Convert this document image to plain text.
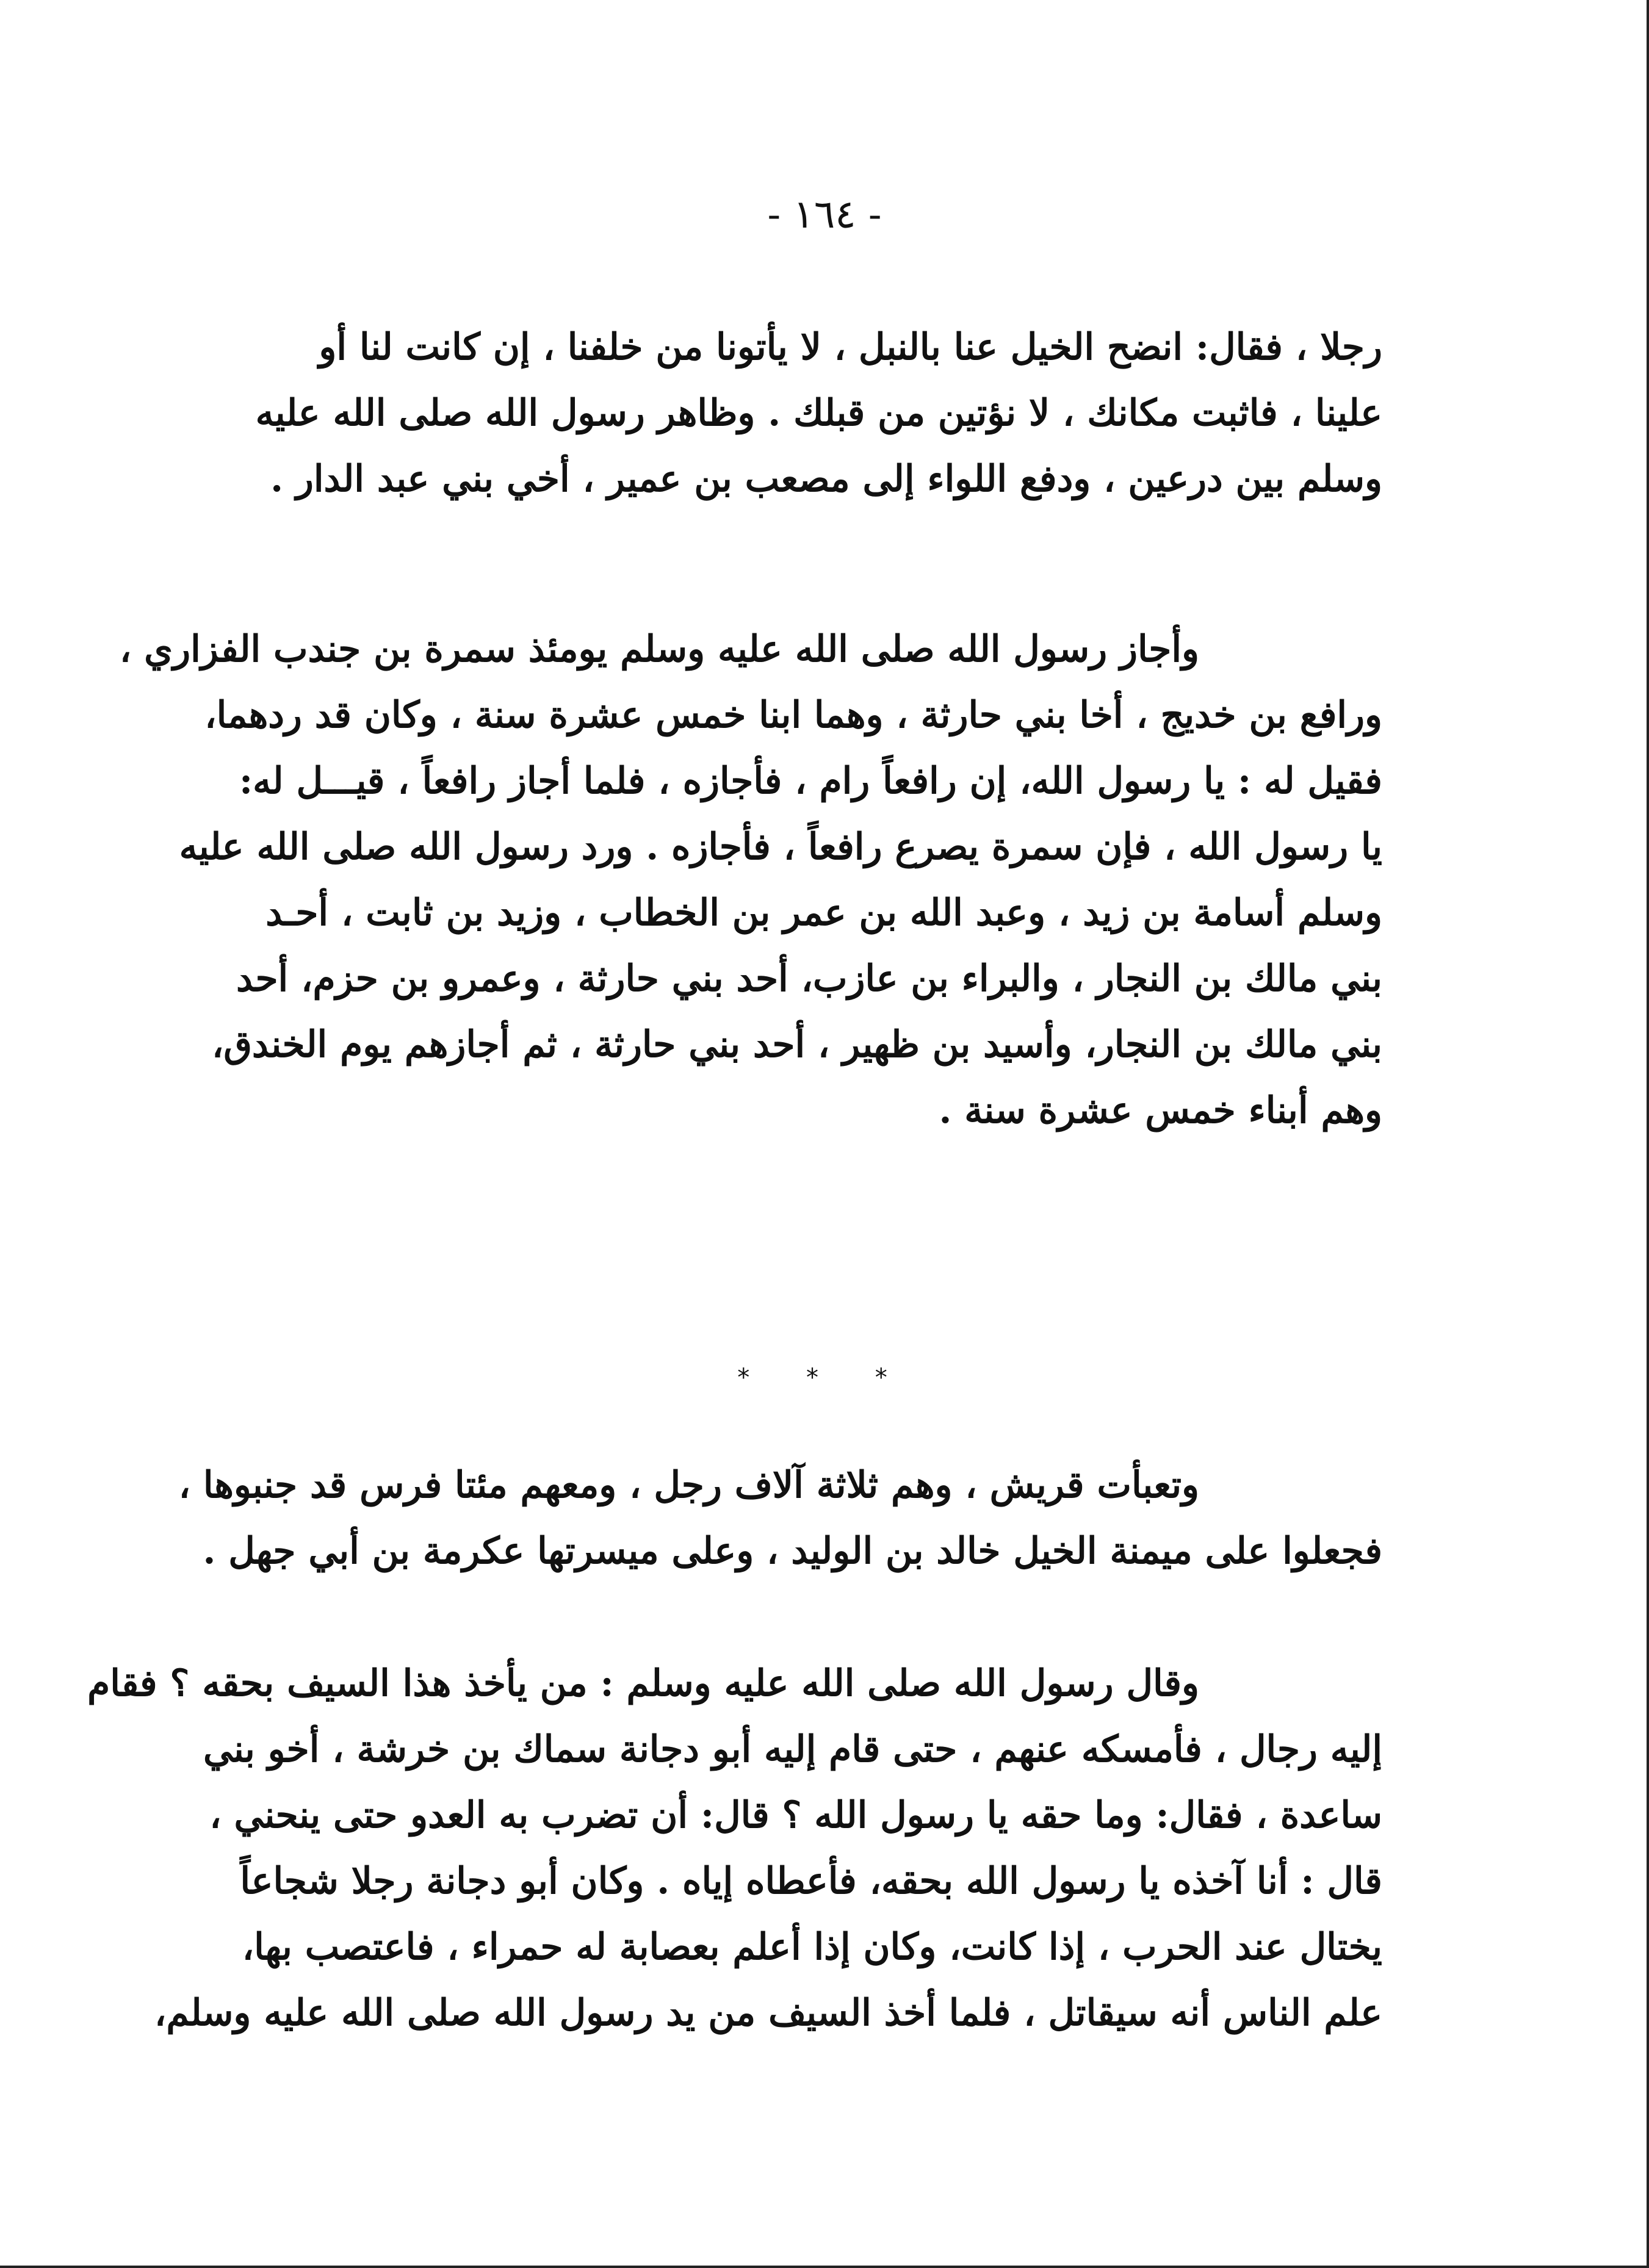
- ١٦٤ -
رجلا ، فقال: انضح الخيل عنا بالنبل ، لا يأتونا من خلفنا ، إن كانت لنا أو
علينا ، فاثبت مكانك ، لا نؤتين من قبلك . وظاهر رسول الله صلى الله عليه
وسلم بين درعين ، ودفع اللواء إلى مصعب بن عمير ، أخي بني عبد الدار .
وأجاز رسول الله صلى الله عليه وسلم يومئذ سمرة بن جندب الفزاري ،
ورافع بن خديج ، أخا بني حارثة ، وهما ابنا خمس عشرة سنة ، وكان قد ردهما،
فقيل له : يا رسول الله، إن رافعاً رام ، فأجازه ، فلما أجاز رافعاً ، قيـــل له:
يا رسول الله ، فإن سمرة يصرع رافعاً ، فأجازه . ورد رسول الله صلى الله عليه
وسلم أسامة بن زيد ، وعبد الله بن عمر بن الخطاب ، وزيد بن ثابت ، أحـد
بني مالك بن النجار ، والبراء بن عازب، أحد بني حارثة ، وعمرو بن حزم، أحد
بني مالك بن النجار، وأسيد بن ظهير ، أحد بني حارثة ، ثم أجازهم يوم الخندق،
وهم أبناء خمس عشرة سنة .
* * *
وتعبأت قريش ، وهم ثلاثة آلاف رجل ، ومعهم مئتا فرس قد جنبوها ،
فجعلوا على ميمنة الخيل خالد بن الوليد ، وعلى ميسرتها عكرمة بن أبي جهل .
وقال رسول الله صلى الله عليه وسلم : من يأخذ هذا السيف بحقه ؟ فقام
إليه رجال ، فأمسكه عنهم ، حتى قام إليه أبو دجانة سماك بن خرشة ، أخو بني
ساعدة ، فقال: وما حقه يا رسول الله ؟ قال: أن تضرب به العدو حتى ينحني ،
قال : أنا آخذه يا رسول الله بحقه، فأعطاه إياه . وكان أبو دجانة رجلا شجاعاً
يختال عند الحرب ، إذا كانت، وكان إذا أعلم بعصابة له حمراء ، فاعتصب بها،
علم الناس أنه سيقاتل ، فلما أخذ السيف من يد رسول الله صلى الله عليه وسلم،
